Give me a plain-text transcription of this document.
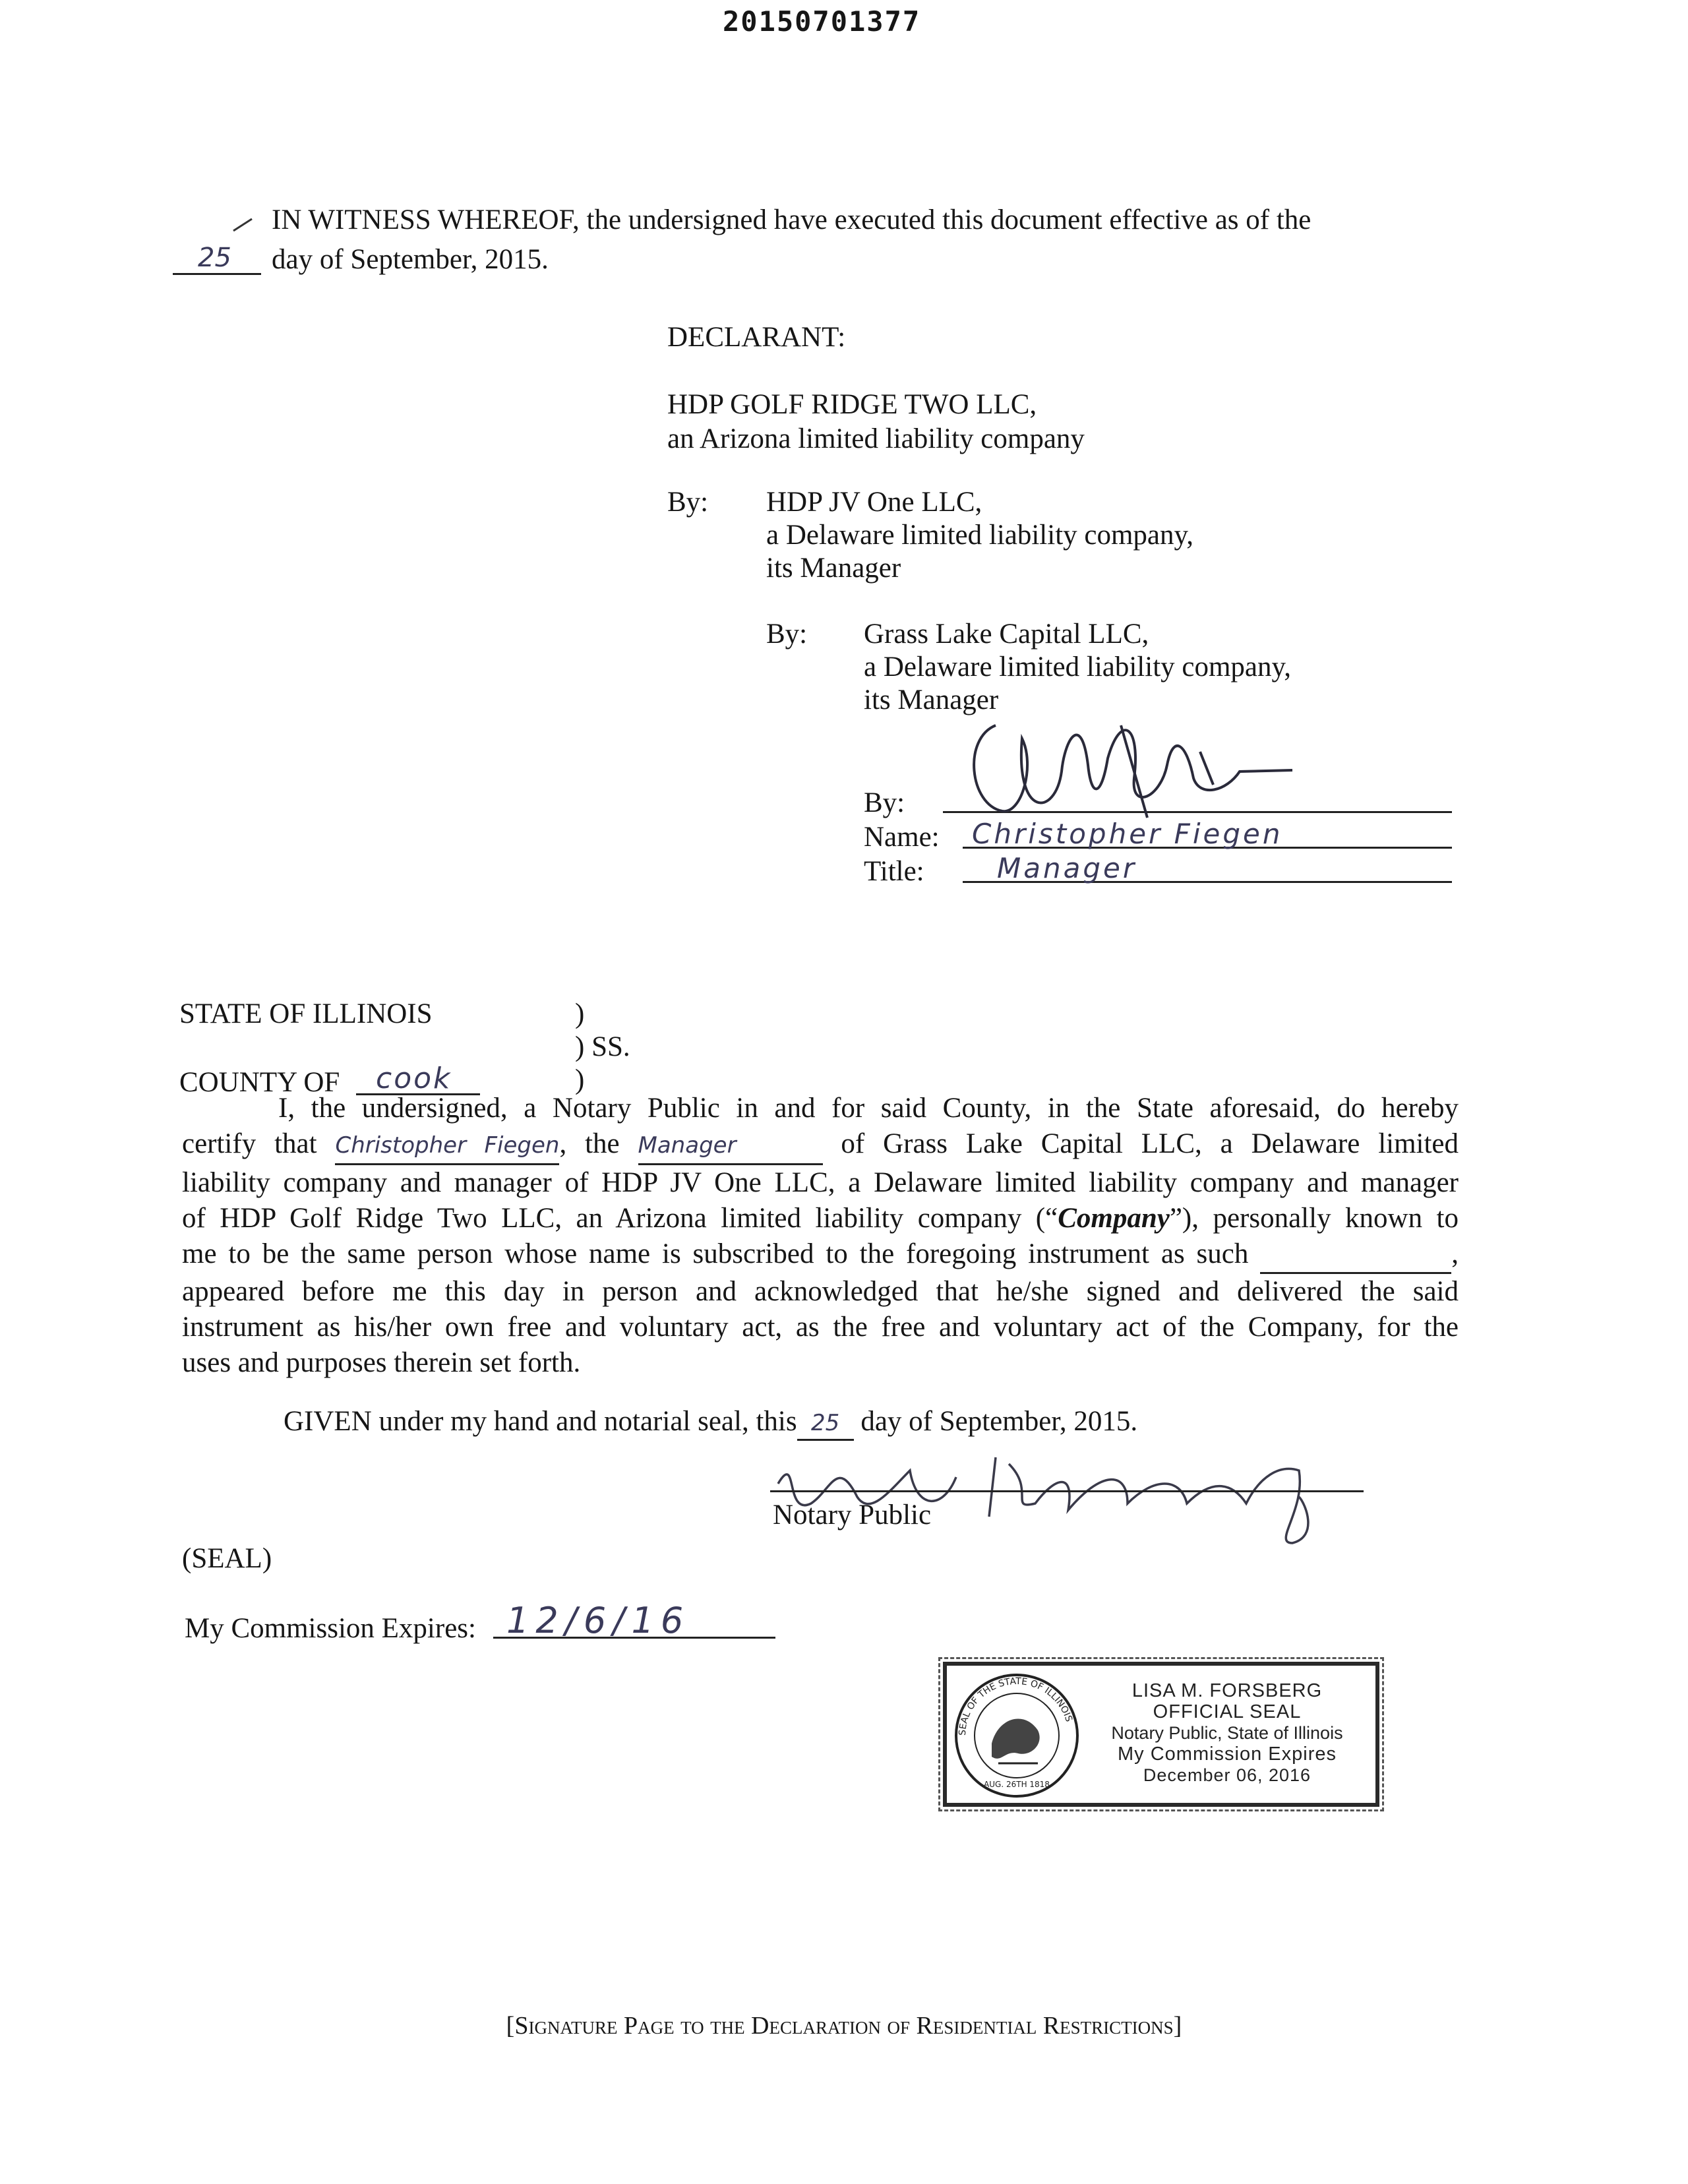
20150701377
IN WITNESS WHEREOF, the undersigned have executed this document effective as of the
25 day of September, 2015.
DECLARANT:
HDP GOLF RIDGE TWO LLC,
an Arizona limited liability company
By: HDP JV One LLC,
a Delaware limited liability company,
its Manager
By: Grass Lake Capital LLC,
a Delaware limited liability company,
its Manager
By:
Name: Christopher Fiegen
Title:	Manager
STATE OF ILLINOIS	)
) SS.
COUNTY OF cook	)
I, the undersigned, a Notary Public in and for said County, in the State aforesaid, do hereby
certify that Christopher Fiegen, the Manager	of Grass Lake Capital LLC, a Delaware limited
liability company and manager of HDP JV One LLC, a Delaware limited liability company and manager
of HDP Golf Ridge Two LLC, an Arizona limited liability company (“Company”), personally known to
me to be the same person whose name is subscribed to the foregoing instrument as such	,
appeared before me this day in person and acknowledged that he/she signed and delivered the said
instrument as his/her own free and voluntary act, as the free and voluntary act of the Company, for the
uses and purposes therein set forth.
GIVEN under my hand and notarial seal, this 25 day of September, 2015.
Notary Public
(SEAL)
My Commission Expires: 12/6/16
SEAL OF THE STATE OF ILLINOIS
AUG. 26TH 1818
LISA M. FORSBERG
OFFICIAL SEAL
Notary Public, State of Illinois
My Commission Expires
December 06, 2016
[Signature Page to the Declaration of Residential Restrictions]
